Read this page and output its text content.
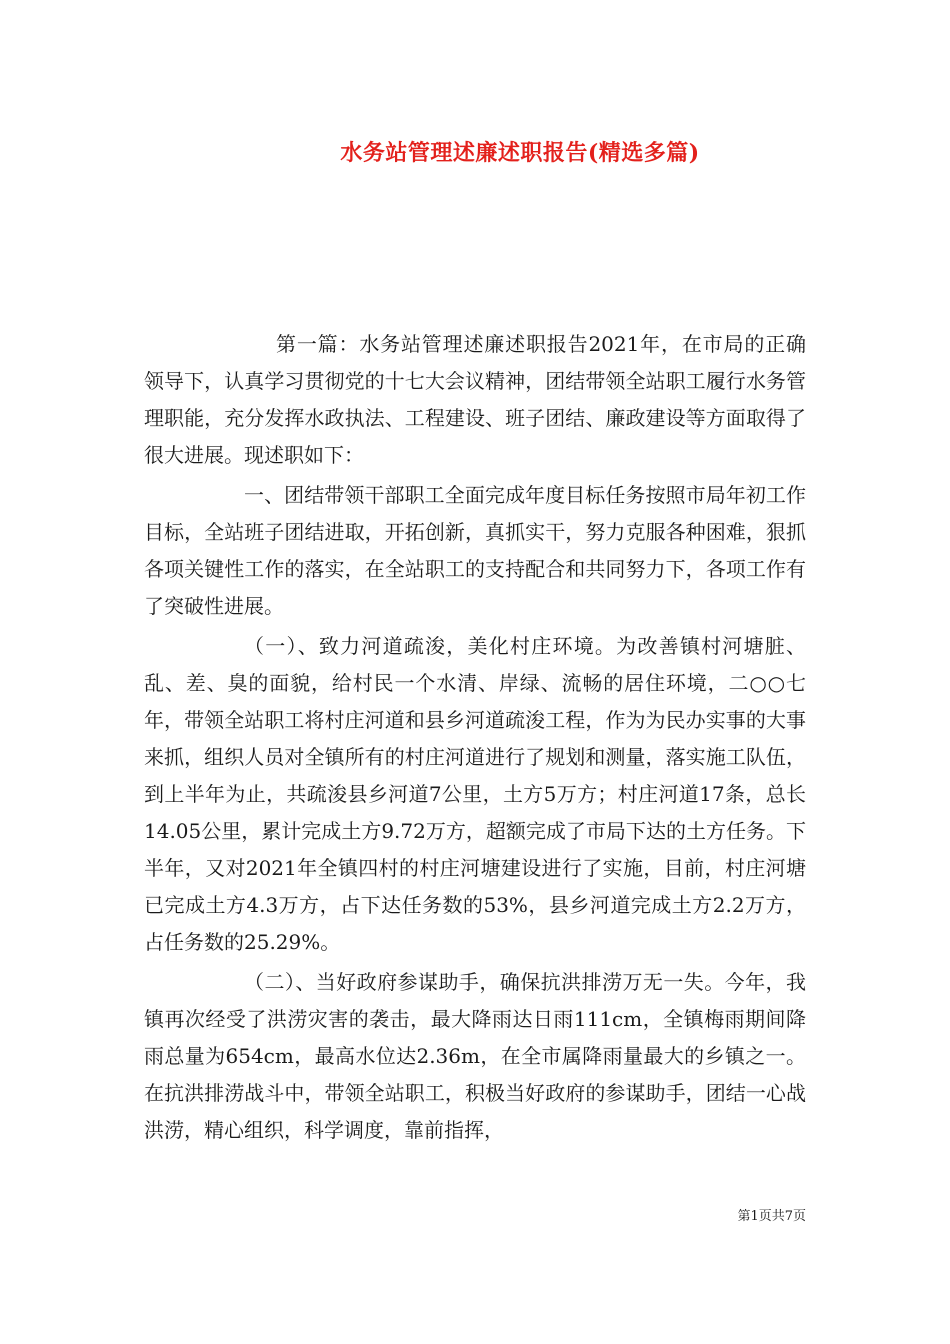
水务站管理述廉述职报告(精选多篇)

第一篇：水务站管理述廉述职报告2021年，在市局的正确领导下，认真学习贯彻党的十七大会议精神，团结带领全站职工履行水务管理职能，充分发挥水政执法、工程建设、班子团结、廉政建设等方面取得了很大进展。现述职如下：

一、团结带领干部职工全面完成年度目标任务按照市局年初工作目标，全站班子团结进取，开拓创新，真抓实干，努力克服各种困难，狠抓各项关键性工作的落实，在全站职工的支持配合和共同努力下，各项工作有了突破性进展。

（一）、致力河道疏浚，美化村庄环境。为改善镇村河塘脏、乱、差、臭的面貌，给村民一个水清、岸绿、流畅的居住环境，二○○七年，带领全站职工将村庄河道和县乡河道疏浚工程，作为为民办实事的大事来抓，组织人员对全镇所有的村庄河道进行了规划和测量，落实施工队伍，到上半年为止，共疏浚县乡河道7公里，土方5万方；村庄河道17条，总长14.05公里，累计完成土方9.72万方，超额完成了市局下达的土方任务。下半年，又对2021年全镇四村的村庄河塘建设进行了实施，目前，村庄河塘已完成土方4.3万方，占下达任务数的53%，县乡河道完成土方2.2万方，占任务数的25.29%。

（二）、当好政府参谋助手，确保抗洪排涝万无一失。今年，我镇再次经受了洪涝灾害的袭击，最大降雨达日雨111cm，全镇梅雨期间降雨总量为654cm，最高水位达2.36m，在全市属降雨量最大的乡镇之一。在抗洪排涝战斗中，带领全站职工，积极当好政府的参谋助手，团结一心战洪涝，精心组织，科学调度，靠前指挥，

第1页共7页
